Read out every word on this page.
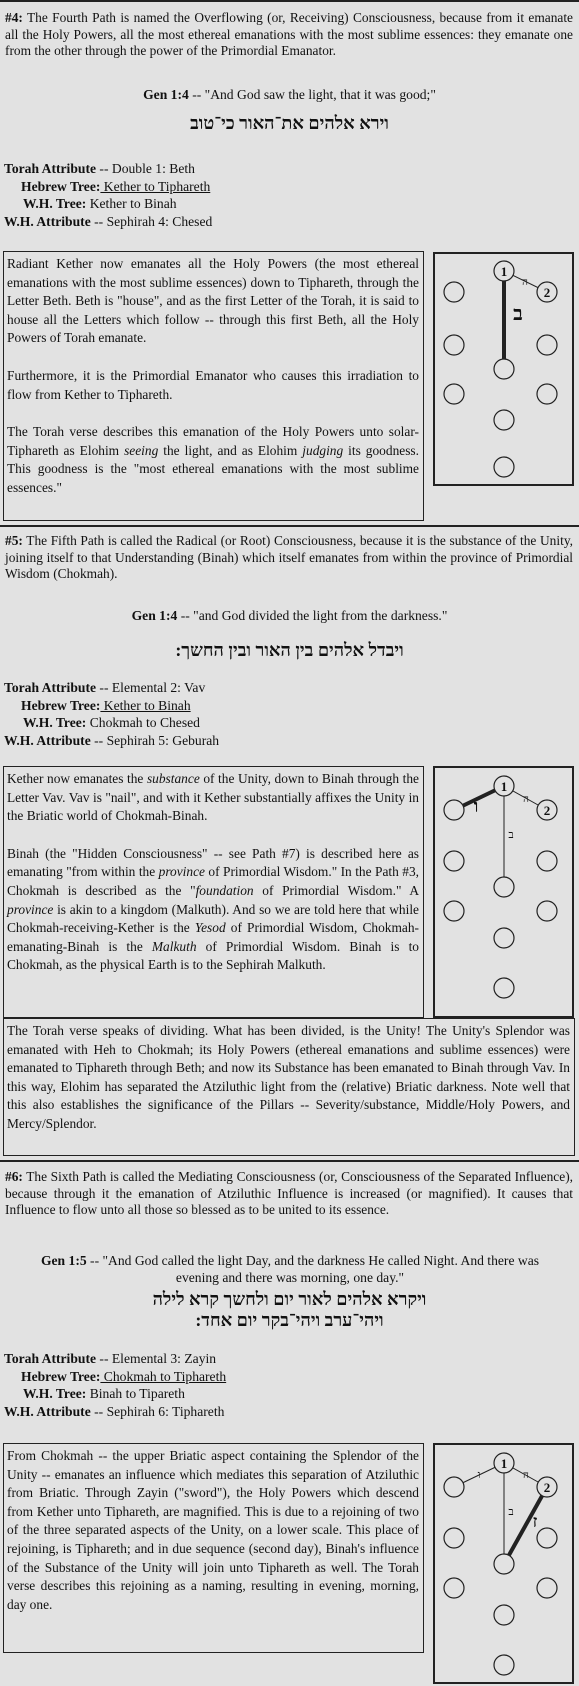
#4: The Fourth Path is named the Overflowing (or, Receiving) Consciousness, because from it emanate all the Holy Powers, all the most ethereal emanations with the most sublime essences: they emanate one from the other through the power of the Primordial Emanator.
Gen 1:4 -- "And God saw the light, that it was good;"
וירא אלהים את־האור כי־טוב
Torah Attribute -- Double 1: Beth
Hebrew Tree: Kether to Tiphareth
W.H. Tree: Kether to Binah
W.H. Attribute -- Sephirah 4: Chesed

Radiant Kether now emanates all the Holy Powers (the most ethereal emanations with the most sublime essences) down to Tiphareth, through the Letter Beth. Beth is "house", and as the first Letter of the Torah, it is said to house all the Letters which follow -- through this first Beth, all the Holy Powers of Torah emanate.

Furthermore, it is the Primordial Emanator who causes this irradiation to flow from Kether to Tiphareth.

The Torah verse describes this emanation of the Holy Powers unto solar-Tiphareth as Elohim seeing the light, and as Elohim judging its goodness. This goodness is the "most ethereal emanations with the most sublime essences."

1
2
ה
ב
#5: The Fifth Path is called the Radical (or Root) Consciousness, because it is the substance of the Unity, joining itself to that Understanding (Binah) which itself emanates from within the province of Primordial Wisdom (Chokmah).
Gen 1:4 -- "and God divided the light from the darkness."
ויבדל אלהים בין האור ובין החשך:
Torah Attribute -- Elemental 2: Vav
Hebrew Tree: Kether to Binah
W.H. Tree: Chokmah to Chesed
W.H. Attribute -- Sephirah 5: Geburah

Kether now emanates the substance of the Unity, down to Binah through the Letter Vav. Vav is "nail", and with it Kether substantially affixes the Unity in the Briatic world of Chokmah-Binah.

Binah (the "Hidden Consciousness" -- see Path #7) is described here as emanating "from within the province of Primordial Wisdom." In the Path #3, Chokmah is described as the "foundation of Primordial Wisdom." A province is akin to a kingdom (Malkuth). And so we are told here that while Chokmah-receiving-Kether is the Yesod of Primordial Wisdom, Chokmah-emanating-Binah is the Malkuth of Primordial Wisdom. Binah is to Chokmah, as the physical Earth is to the Sephirah Malkuth.

1
2
ה
ו
ב
The Torah verse speaks of dividing. What has been divided, is the Unity! The Unity's Splendor was emanated with Heh to Chokmah; its Holy Powers (ethereal emanations and sublime essences) were emanated to Tiphareth through Beth; and now its Substance has been emanated to Binah through Vav. In this way, Elohim has separated the Atziluthic light from the (relative) Briatic darkness. Note well that this also establishes the significance of the Pillars -- Severity/substance, Middle/Holy Powers, and Mercy/Splendor.
#6: The Sixth Path is called the Mediating Consciousness (or, Consciousness of the Separated Influence), because through it the emanation of Atziluthic Influence is increased (or magnified). It causes that Influence to flow unto all those so blessed as to be united to its essence.
Gen 1:5 -- "And God called the light Day, and the darkness He called Night. And there was evening and there was morning, one day."
ויקרא אלהים לאור יום ולחשך קרא לילה
ויהי־ערב ויהי־בקר יום אחד:
Torah Attribute -- Elemental 3: Zayin
Hebrew Tree: Chokmah to Tiphareth
W.H. Tree: Binah to Tipareth
W.H. Attribute -- Sephirah 6: Tiphareth

From Chokmah -- the upper Briatic aspect containing the Splendor of the Unity -- emanates an influence which mediates this separation of Atziluthic from Briatic. Through Zayin ("sword"), the Holy Powers which descend from Kether unto Tiphareth, are magnified. This is due to a rejoining of two of the three separated aspects of the Unity, on a lower scale. This place of rejoining, is Tiphareth; and in due sequence (second day), Binah's influence of the Substance of the Unity will join unto Tiphareth as well. The Torah verse describes this rejoining as a naming, resulting in evening, morning, day one.

1
2
ה
ו
ב ז
